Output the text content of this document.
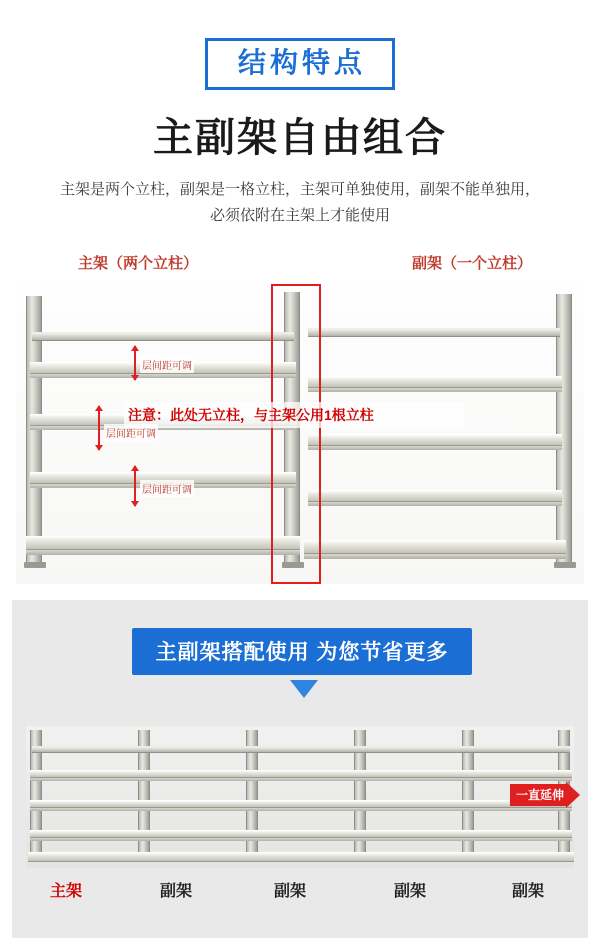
结构特点
主副架自由组合
主架是两个立柱，副架是一格立柱，主架可单独使用，副架不能单独用，
必须依附在主架上才能使用
主架（两个立柱）	副架（一个立柱）
层间距可调
层间距可调
层间距可调
注意：此处无立柱，与主架公用1根立柱
主副架搭配使用 为您节省更多
一直延伸
主架	副架	副架	副架	副架
